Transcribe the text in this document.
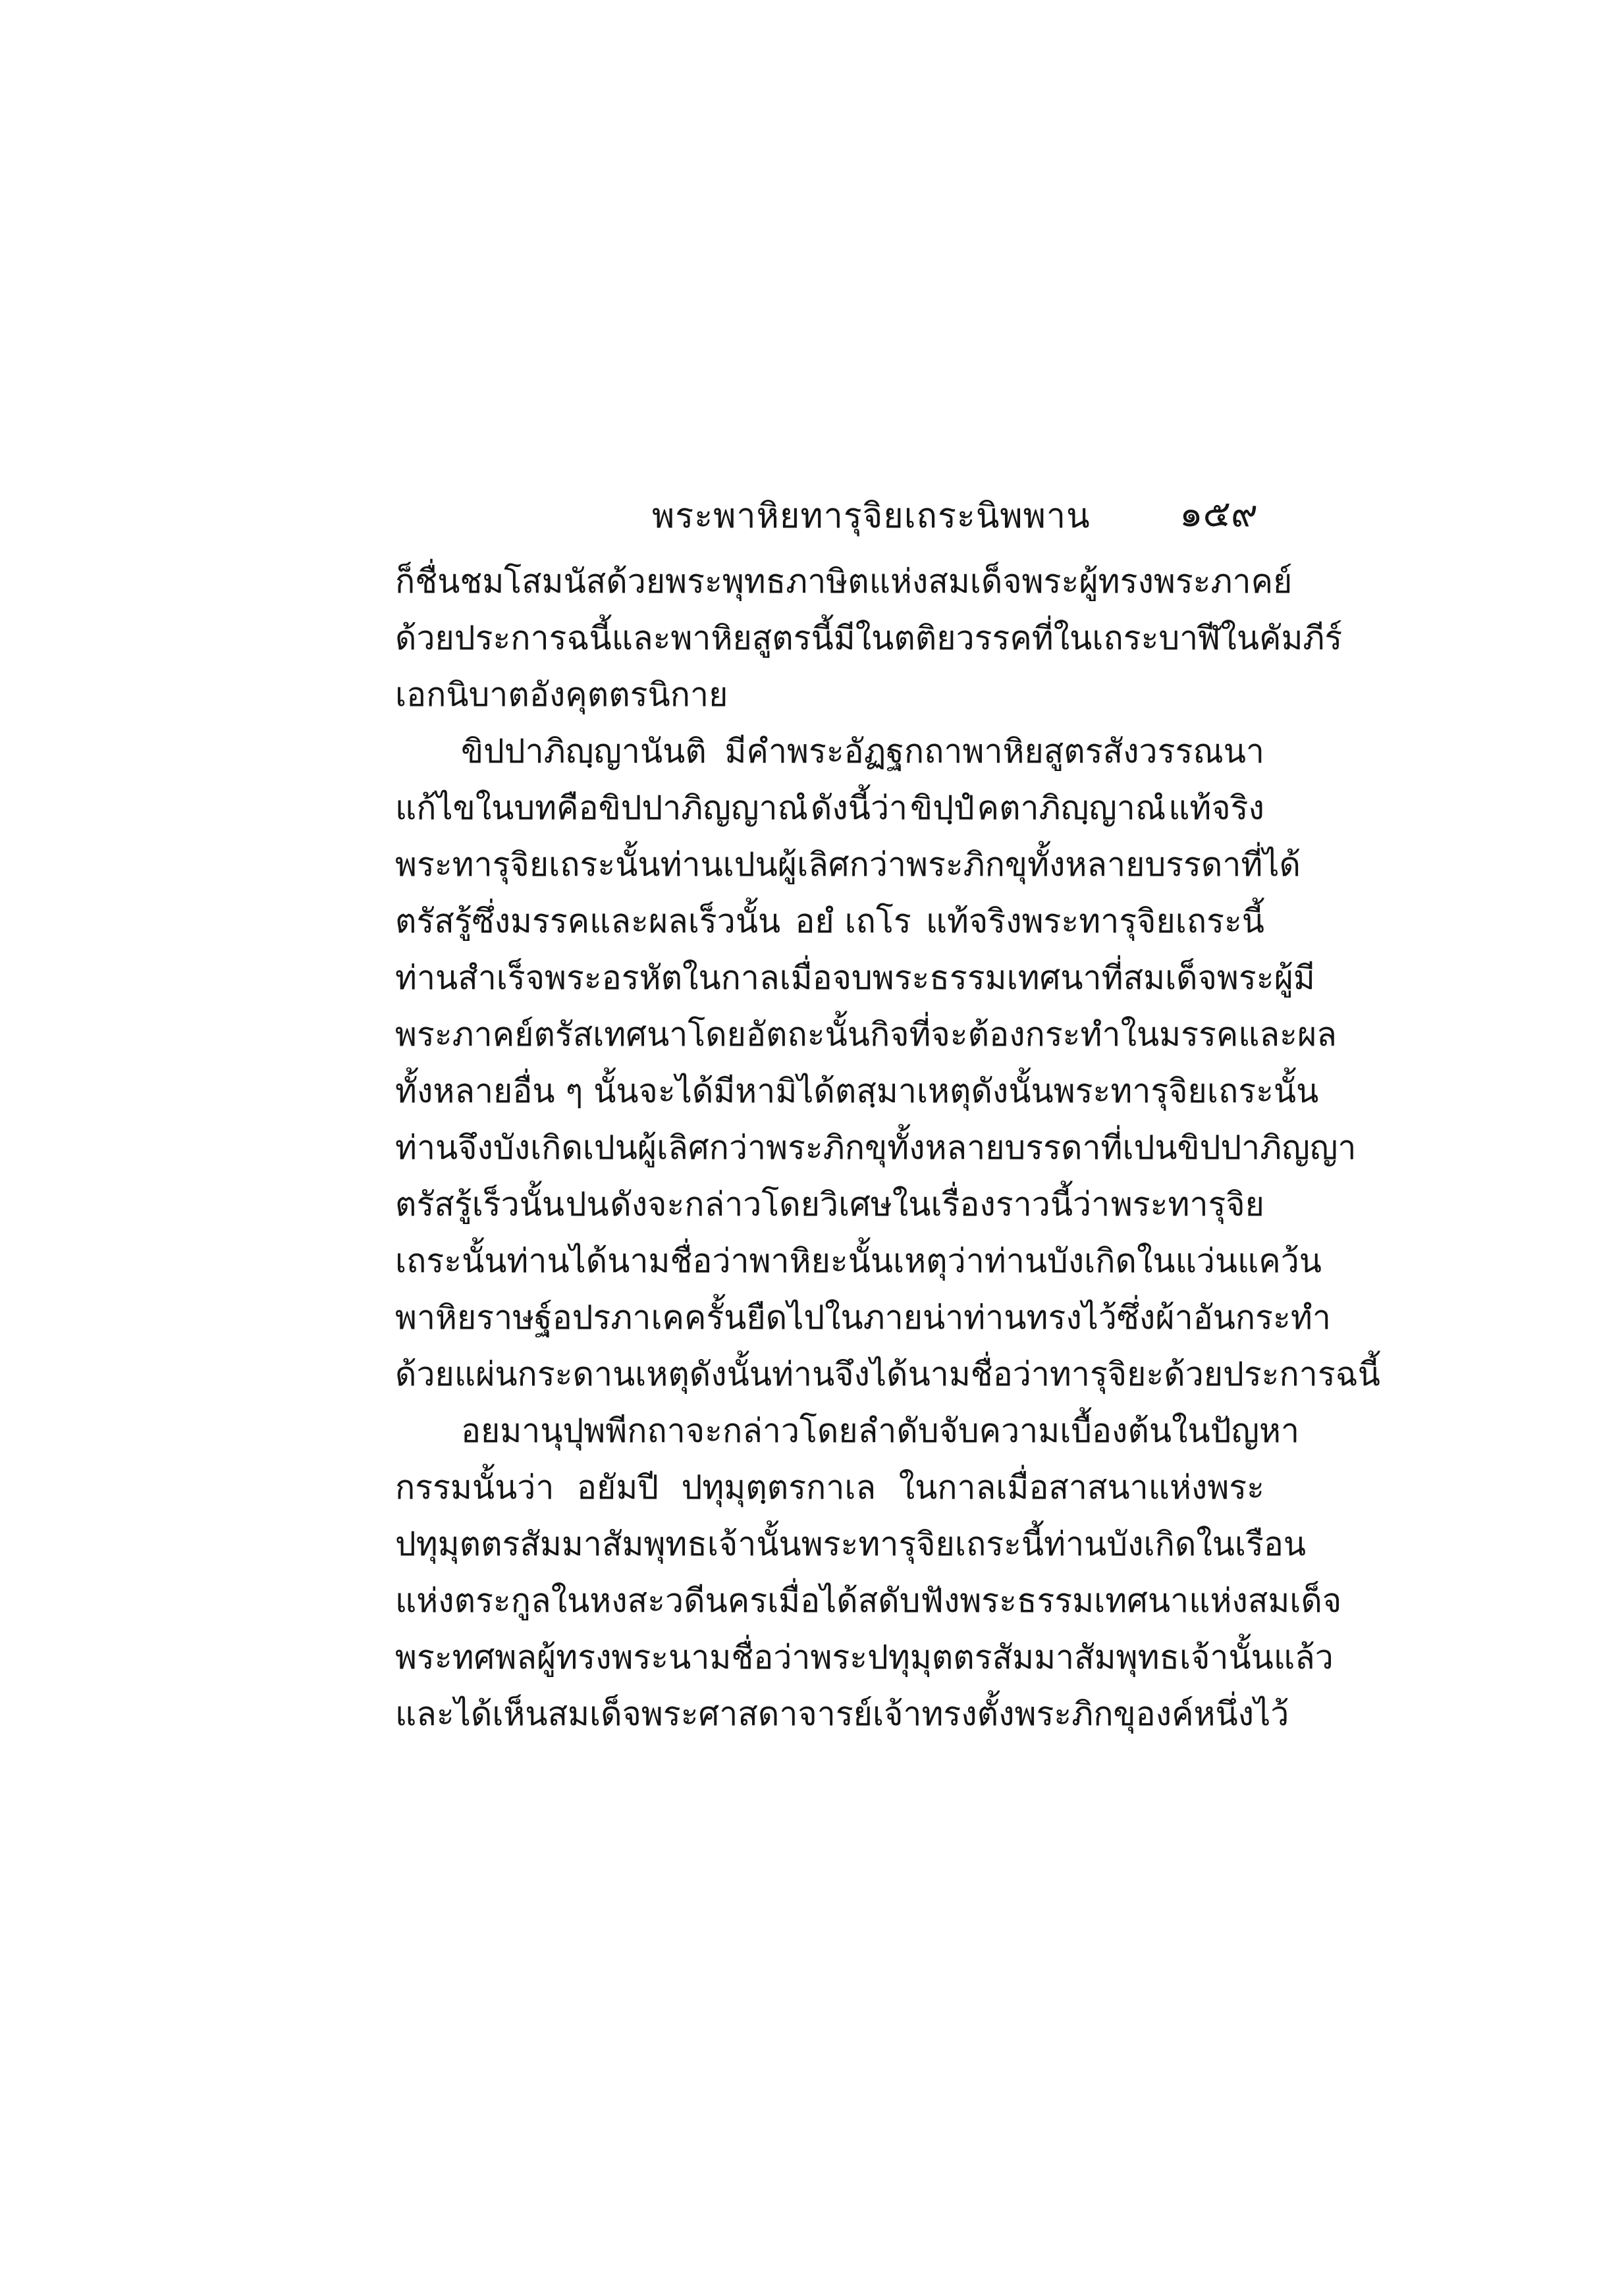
พระพาหิยทารุจิยเถระนิพพาน ๑๕๙
ก็ชื่นชมโสมนัสด้วยพระพุทธภาษิต แห่งสมเด็จพระผู้ทรงพระภาคย์
ด้วยประการฉนี้ และพาหิยสูตรนี้มีในตติยวรรคที่ในเถระบาฬีในคัมภีร์
เอกนิบาตอังคุตตรนิกาย
ขิปปาภิญฺญานันติ มีคำพระอัฏฐกถาพาหิยสูตรสังวรรณนา
แก้ไขในบทคือขิปปาภิญญาณํ ดังนี้ว่า ขิปฺปํ คตาภิญฺญาณํ แท้จริง
พระทารุจิยเถระนั้นท่านเปนผู้เลิศกว่าพระภิกขุทั้งหลาย บรรดาที่ได้
ตรัสรู้ซึ่งมรรคและผลเร็วนั้น อยํ เถโร แท้จริงพระทารุจิยเถระนี้
ท่านสำเร็จพระอรหัตในกาลเมื่อจบพระธรรมเทศนา ที่สมเด็จพระผู้มี
พระภาคย์ตรัสเทศนาโดยอัตถะนั้น กิจที่จะต้องกระทำในมรรคและผล
ทั้งหลายอื่น ๆ นั้นจะได้มีหามิได้ ตสฺมา เหตุดังนั้นพระทารุจิยเถระนั้น
ท่านจึงบังเกิดเปนผู้เลิศกว่าพระภิกขุทั้งหลาย บรรดาที่เปนขิปปาภิญญา
ตรัสรู้เร็วนั้น ปน ดังจะกล่าวโดยวิเศษในเรื่องราวนี้ว่า พระทารุจิย
เถระนั้นท่านได้นามชื่อว่าพาหิยะนั้น เหตุว่าท่านบังเกิดในแว่นแคว้น
พาหิยราษฐ์ อปรภาเค ครั้นยืดไปในภายน่าท่านทรงไว้ซึ่งผ้าอันกระทำ
ด้วยแผ่นกระดาน เหตุดังนั้นท่านจึงได้นามชื่อว่าทารุจิยะด้วยประการฉนี้
อยมานุปุพพีกถา จะกล่าวโดยลำดับจับความเบื้องต้นในปัญหา
กรรมนั้นว่า อยัมปี ปทุมุตฺตรกาเล ในกาลเมื่อสาสนาแห่งพระ
ปทุมุตตรสัมมาสัมพุทธเจ้านั้น พระทารุจิยเถระนี้ท่านบังเกิดในเรือน
แห่งตระกูลในหงสะวดีนคร เมื่อได้สดับฟังพระธรรมเทศนาแห่งสมเด็จ
พระทศพลผู้ทรงพระนามชื่อว่าพระปทุมุตตรสัมมาสัมพุทธเจ้านั้น แล้ว
และได้เห็นสมเด็จพระศาสดาจารย์เจ้า ทรงตั้งพระภิกขุองค์หนึ่งไว้
